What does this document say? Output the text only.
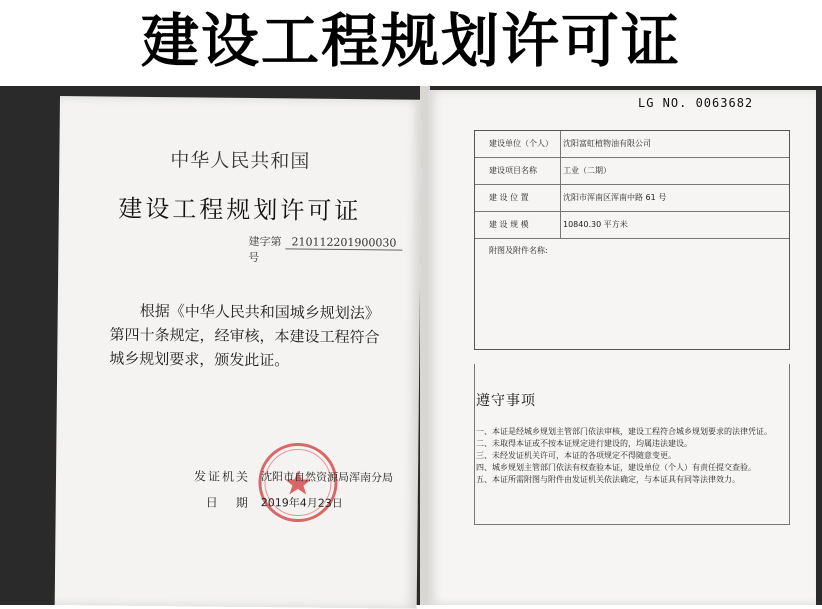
建设工程规划许可证
中华人民共和国
建设工程规划许可证
建字第 210112201900030号
根据《中华人民共和国城乡规划法》第四十条规定，经审核，本建设工程符合城乡规划要求，颁发此证。
发证机关 沈阳市自然资源局浑南分局
日期
2019年4月23日
LG NO. 0063682
建设单位（个人）	沈阳富虹植物油有限公司
建设项目名称	工业（二期）
建 设 位 置	沈阳市浑南区浑南中路 61 号
建 设 规 模	10840.30 平方米
附图及附件名称:
遵守事项
一、本证是经城乡规划主管部门依法审核，建设工程符合城乡规划要求的法律凭证。
二、未取得本证或不按本证规定进行建设的，均属违法建设。
三、未经发证机关许可，本证的各项规定不得随意变更。
四、城乡规划主管部门依法有权查验本证，建设单位（个人）有责任提交查验。
五、本证所需附图与附件由发证机关依法确定，与本证具有同等法律效力。
